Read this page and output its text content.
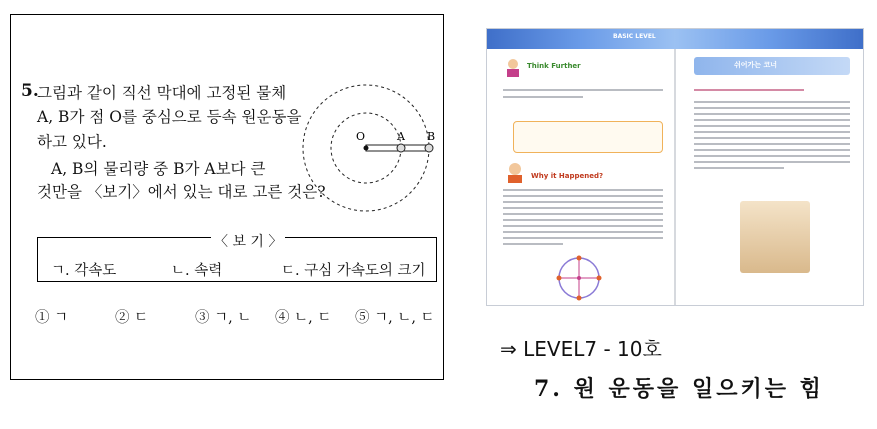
5.
그림과 같이 직선 막대에 고정된 물체
A, B가 점 O를 중심으로 등속 원운동을
하고 있다.
A, B의 물리량 중 B가 A보다 큰
것만을 〈보기〉에서 있는 대로 고른 것은?
O	A B
〈 보 기 〉
ㄱ. 각속도	ㄴ. 속력	ㄷ. 구심 가속도의 크기
① ㄱ	② ㄷ	③ ㄱ, ㄴ ④ ㄴ, ㄷ ⑤ ㄱ, ㄴ, ㄷ
BASIC LEVEL
Think Further
Why it Happened?
쉬어가는 코너
⇒ LEVEL7 - 10호
7. 원 운동을 일으키는 힘
